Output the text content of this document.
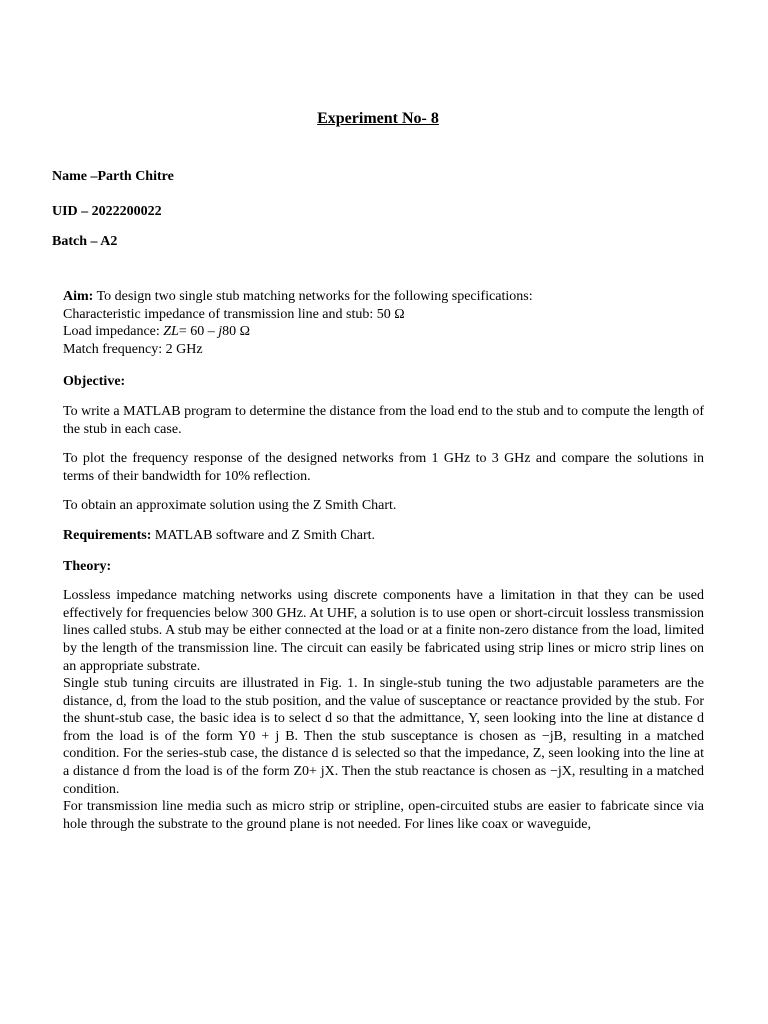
Experiment No- 8
Name –Parth Chitre
UID – 2022200022
Batch – A2

Aim: To design two single stub matching networks for the following specifications:

Characteristic impedance of transmission line and stub: 50 Ω

Load impedance: ZL= 60 – j80 Ω

Match frequency: 2 GHz

Objective:

To write a MATLAB program to determine the distance from the load end to the stub and to compute the length of the stub in each case.

To plot the frequency response of the designed networks from 1 GHz to 3 GHz and compare the solutions in terms of their bandwidth for 10% reflection.

To obtain an approximate solution using the Z Smith Chart.

Requirements: MATLAB software and Z Smith Chart.

Theory:

Lossless impedance matching networks using discrete components have a limitation in that they can be used effectively for frequencies below 300 GHz. At UHF, a solution is to use open or short-circuit lossless transmission lines called stubs. A stub may be either connected at the load or at a finite non-zero distance from the load, limited by the length of the transmission line. The circuit can easily be fabricated using strip lines or micro strip lines on an appropriate substrate.

Single stub tuning circuits are illustrated in Fig. 1. In single-stub tuning the two adjustable parameters are the distance, d, from the load to the stub position, and the value of susceptance or reactance provided by the stub. For the shunt-stub case, the basic idea is to select d so that the admittance, Y, seen looking into the line at distance d from the load is of the form Y0 + j B. Then the stub susceptance is chosen as −jB, resulting in a matched condition. For the series-stub case, the distance d is selected so that the impedance, Z, seen looking into the line at a distance d from the load is of the form Z0+ jX. Then the stub reactance is chosen as −jX, resulting in a matched condition.

For transmission line media such as micro strip or stripline, open-circuited stubs are easier to fabricate since via hole through the substrate to the ground plane is not needed. For lines like coax or waveguide,
